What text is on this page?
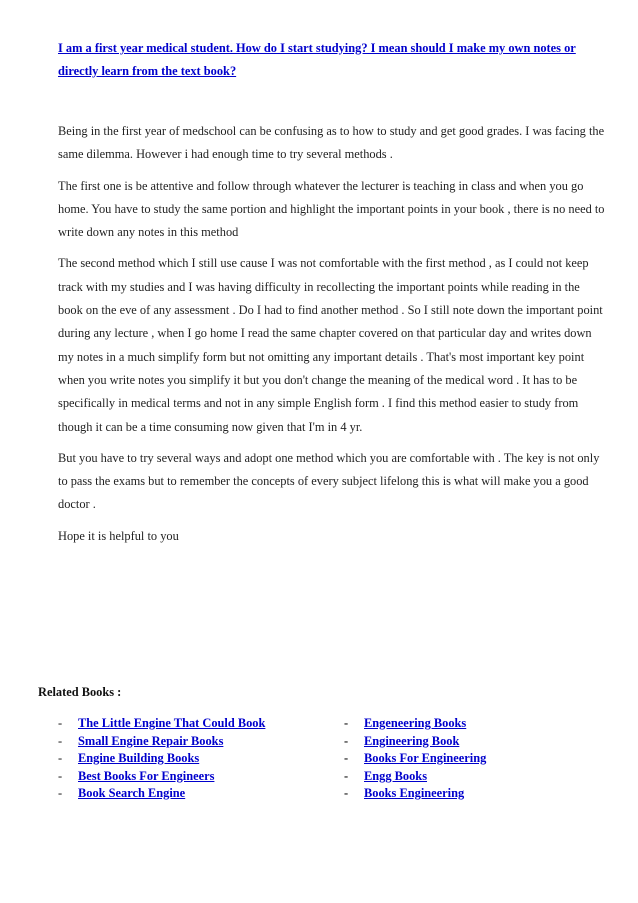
I am a first year medical student. How do I start studying? I mean should I make my own notes or directly learn from the text book?

Being in the first year of medschool can be confusing as to how to study and get good grades. I was facing the same dilemma. However i had enough time to try several methods .

The first one is be attentive and follow through whatever the lecturer is teaching in class and when you go home. You have to study the same portion and highlight the important points in your book , there is no need to write down any notes in this method

The second method which I still use cause I was not comfortable with the first method , as I could not keep track with my studies and I was having difficulty in recollecting the important points while reading in the book on the eve of any assessment . Do I had to find another method . So I still note down the important point during any lecture , when I go home I read the same chapter covered on that particular day and writes down my notes in a much simplify form but not omitting any important details . That's most important key point when you write notes you simplify it but you don't change the meaning of the medical word . It has to be specifically in medical terms and not in any simple English form . I find this method easier to study from though it can be a time consuming now given that I'm in 4 yr.

But you have to try several ways and adopt one method which you are comfortable with . The key is not only to pass the exams but to remember the concepts of every subject lifelong this is what will make you a good doctor .

Hope it is helpful to you

Related Books :
- The Little Engine That Could Book
- Small Engine Repair Books
- Engine Building Books
- Best Books For Engineers
- Book Search Engine
- Engeneering Books
- Engineering Book
- Books For Engineering
- Engg Books
- Books Engineering
